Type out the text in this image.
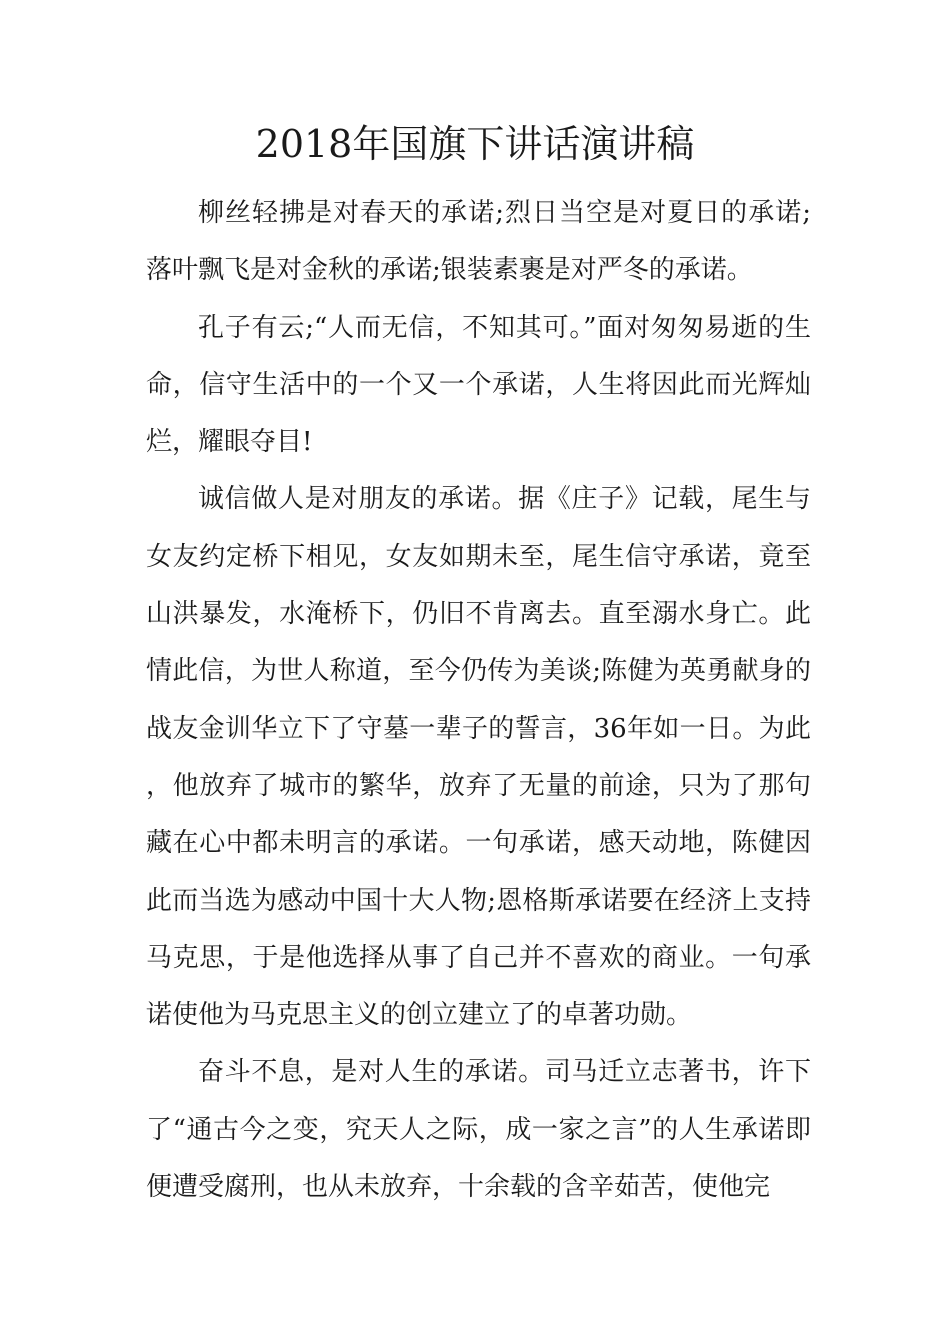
2018年国旗下讲话演讲稿

柳丝轻拂是对春天的承诺;烈日当空是对夏日的承诺;落叶飘飞是对金秋的承诺;银装素裹是对严冬的承诺。

孔子有云;“人而无信，不知其可。”面对匆匆易逝的生命，信守生活中的一个又一个承诺，人生将因此而光辉灿烂，耀眼夺目!

诚信做人是对朋友的承诺。据《庄子》记载，尾生与女友约定桥下相见，女友如期未至，尾生信守承诺，竟至山洪暴发，水淹桥下，仍旧不肯离去。直至溺水身亡。此情此信，为世人称道，至今仍传为美谈;陈健为英勇献身的战友金训华立下了守墓一辈子的誓言，36年如一日。为此，他放弃了城市的繁华，放弃了无量的前途，只为了那句藏在心中都未明言的承诺。一句承诺，感天动地，陈健因此而当选为感动中国十大人物;恩格斯承诺要在经济上支持马克思，于是他选择从事了自己并不喜欢的商业。一句承诺使他为马克思主义的创立建立了的卓著功勋。

奋斗不息，是对人生的承诺。司马迁立志著书，许下了“通古今之变，究天人之际，成一家之言”的人生承诺即便遭受腐刑，也从未放弃，十余载的含辛茹苦，使他完
